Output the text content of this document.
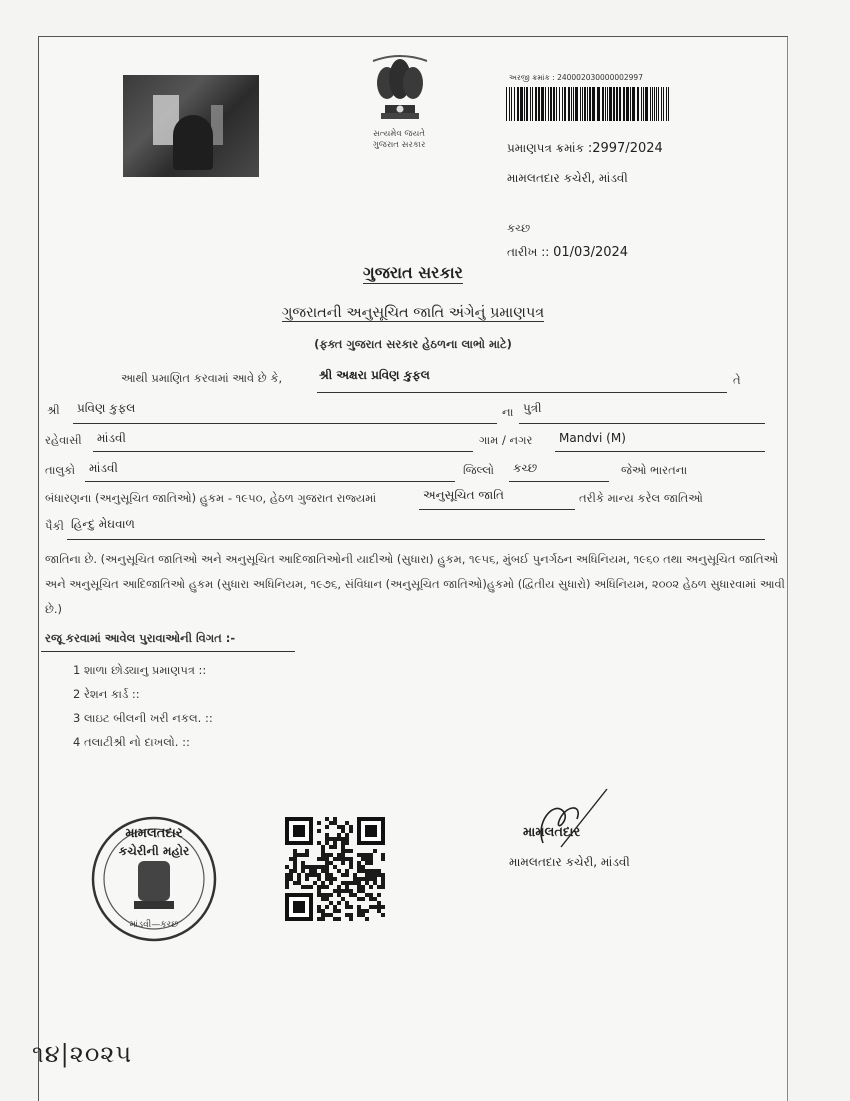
સત્યમેવ જયતે
ગુજરાત સરકાર
અરજી ક્રમાંક : 240002030000002997
પ્રમાણપત્ર ક્રમાંક :2997/2024
મામલતદાર કચેરી, માંડવી
કચ્છ
તારીખ :: 01/03/2024
ગુજરાત સરકાર
ગુજરાતની અનુસૂચિત જાતિ અંગેનું પ્રમાણપત્ર
(ફક્ત ગુજરાત સરકાર હેઠળના લાભો માટે)
આથી પ્રમાણિત કરવામાં આવે છે કે,	શ્રી અક્ષરા પ્રવિણ કુફલ	તે
શ્રી પ્રવિણ કુફલ	ના પુત્રી
રહેવાસી માંડવી	ગામ / નગર Mandvi (M)
તાલુકો માંડવી	જિલ્લો કચ્છ	જેઓ ભારતના
બંધારણના (અનુસૂચિત જાતિઓ) હુકમ - ૧૯૫૦, હેઠળ ગુજરાત રાજ્યમાં	અનુસૂચિત જાતિ	તરીકે માન્ય કરેલ જાતિઓ
પૈકી હિન્દુ મેઘવાળ
જાતિના છે. (અનુસૂચિત જાતિઓ અને અનુસૂચિત આદિજાતિઓની યાદીઓ (સુધારા) હુકમ, ૧૯૫૬, મુંબઈ પુનર્ગઠન અધિનિયમ, ૧૯૬૦ તથા અનુસૂચિત જાતિઓ અને અનુસૂચિત આદિજાતિઓ હુકમ (સુધારા અધિનિયમ, ૧૯૭૬, સંવિધાન (અનુસૂચિત જાતિઓ)હુકમો (દ્વિતીય સુધારો) અધિનિયમ, ૨૦૦૨ હેઠળ સુધારવામાં આવી છે.)
રજૂ કરવામાં આવેલ પુરાવાઓની વિગત :-
1 શાળા છોડ્યાનુ પ્રમાણપત્ર ::
2 રેશન કાર્ડ ::
3 લાઇટ બીલની ખરી નકલ. ::
4 તલાટીશ્રી નો દાખલો. ::
મામલતદાર
કચેરીની મહોર
માંડવી—કચ્છ
મામલતદાર
મામલતદાર કચેરી, માંડવી
૧૪|૨૦૨૫
